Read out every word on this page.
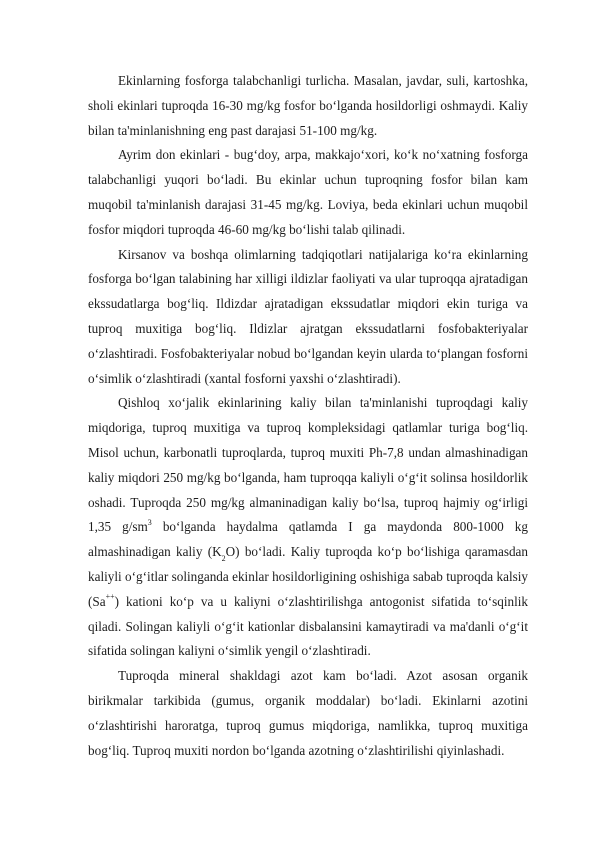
Ekinlarning fosforga talabchanligi turlicha. Masalan, javdar, suli, kartoshka, sholi ekinlari tuproqda 16-30 mg/kg fosfor boʻlganda hosildorligi oshmaydi. Kaliy bilan ta'minlanishning eng past darajasi 51-100 mg/kg.

Ayrim don ekinlari - bugʻdoy, arpa, makkajoʻxori, koʻk noʻxatning fosforga talabchanligi yuqori boʻladi. Bu ekinlar uchun tuproqning fosfor bilan kam muqobil ta'minlanish darajasi 31-45 mg/kg. Loviya, beda ekinlari uchun muqobil fosfor miqdori tuproqda 46-60 mg/kg boʻlishi talab qilinadi.

Kirsanov va boshqa olimlarning tadqiqotlari natijalariga koʻra ekinlarning fosforga boʻlgan talabining har xilligi ildizlar faoliyati va ular tuproqqa ajratadigan ekssudatlarga bogʻliq. Ildizdar ajratadigan ekssudatlar miqdori ekin turiga va tuproq muxitiga bogʻliq. Ildizlar ajratgan ekssudatlarni fosfobakteriyalar oʻzlashtiradi. Fosfobakteriyalar nobud boʻlgandan keyin ularda toʻplangan fosforni oʻsimlik oʻzlashtiradi (xantal fosforni yaxshi oʻzlashtiradi).

Qishloq xoʻjalik ekinlarining kaliy bilan ta'minlanishi tuproqdagi kaliy miqdoriga, tuproq muxitiga va tuproq kompleksidagi qatlamlar turiga bogʻliq. Misol uchun, karbonatli tuproqlarda, tuproq muxiti Ph-7,8 undan almashinadigan kaliy miqdori 250 mg/kg boʻlganda, ham tuproqqa kaliyli oʻgʻit solinsa hosildorlik oshadi. Tuproqda 250 mg/kg almaninadigan kaliy boʻlsa, tuproq hajmiy ogʻirligi 1,35 $g/sm^3$ boʻlganda haydalma qatlamda I ga maydonda 800-1000 kg almashinadigan kaliy $(K_2O)$ boʻladi. Kaliy tuproqda koʻp boʻlishiga qaramasdan kaliyli oʻgʻitlar solinganda ekinlar hosildorligining oshishiga sabab tuproqda kalsiy (Sa++) kationi koʻp va u kaliyni oʻzlashtirilishga antogonist sifatida toʻsqinlik qiladi. Solingan kaliyli oʻgʻit kationlar disbalansini kamaytiradi va ma'danli oʻgʻit sifatida solingan kaliyni oʻsimlik yengil oʻzlashtiradi.

Tuproqda mineral shakldagi azot kam boʻladi. Azot asosan organik birikmalar tarkibida (gumus, organik moddalar) boʻladi. Ekinlarni azotini oʻzlashtirishi haroratga, tuproq gumus miqdoriga, namlikka, tuproq muxitiga bogʻliq. Tuproq muxiti nordon boʻlganda azotning oʻzlashtirilishi qiyinlashadi.
